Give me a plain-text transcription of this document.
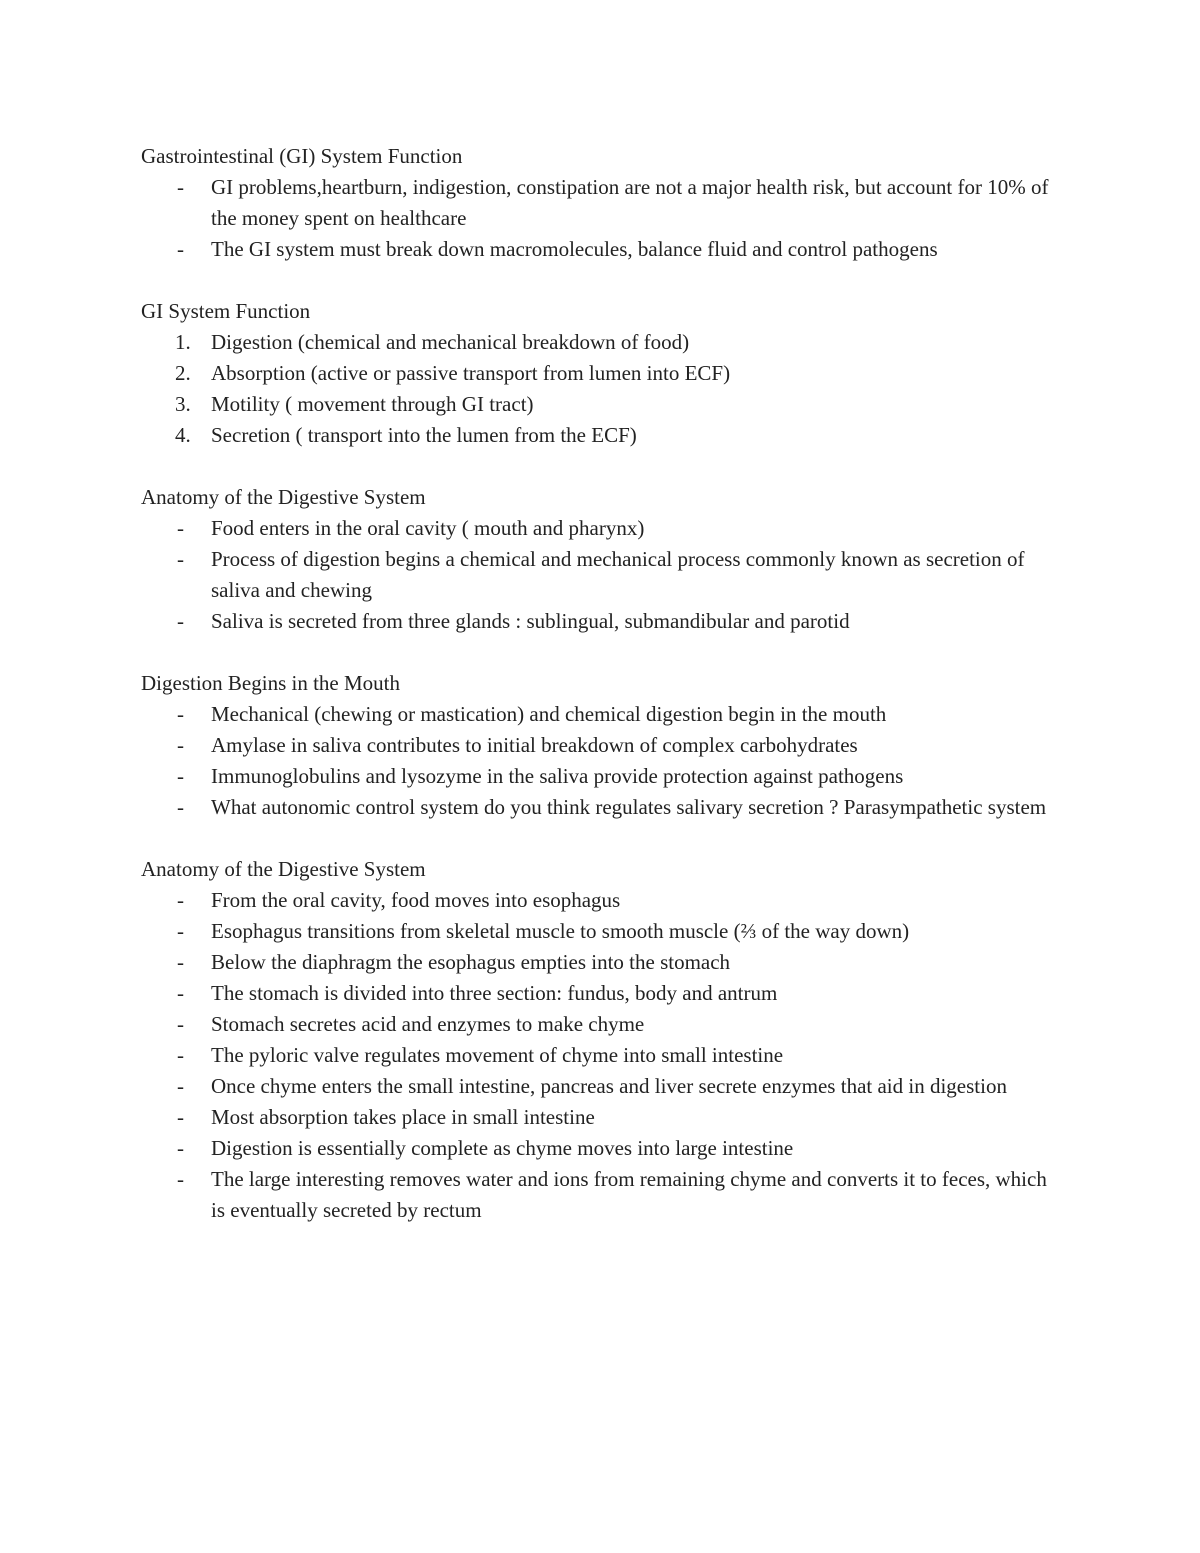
Gastrointestinal (GI) System Function
-	GI problems,heartburn, indigestion, constipation are not a major health risk, but account for 10% of the money spent on healthcare
-	The GI system must break down macromolecules, balance fluid and control pathogens
GI System Function
1. Digestion (chemical and mechanical breakdown of food)
2. Absorption (active or passive transport from lumen into ECF)
3. Motility ( movement through GI tract)
4. Secretion ( transport into the lumen from the ECF)
Anatomy of the Digestive System
-	Food enters in the oral cavity ( mouth and pharynx)
-	Process of digestion begins a chemical and mechanical process commonly known as secretion of saliva and chewing
-	Saliva is secreted from three glands : sublingual, submandibular and parotid
Digestion Begins in the Mouth
-	Mechanical (chewing or mastication) and chemical digestion begin in the mouth
-	Amylase in saliva contributes to initial breakdown of complex carbohydrates
-	Immunoglobulins and lysozyme in the saliva provide protection against pathogens
-	What autonomic control system do you think regulates salivary secretion ? Parasympathetic system
Anatomy of the Digestive System
-	From the oral cavity, food moves into esophagus
-	Esophagus transitions from skeletal muscle to smooth muscle (⅔ of the way down)
-	Below the diaphragm the esophagus empties into the stomach
-	The stomach is divided into three section: fundus, body and antrum
-	Stomach secretes acid and enzymes to make chyme
-	The pyloric valve regulates movement of chyme into small intestine
-	Once chyme enters the small intestine, pancreas and liver secrete enzymes that aid in digestion
-	Most absorption takes place in small intestine
-	Digestion is essentially complete as chyme moves into large intestine
-	The large interesting removes water and ions from remaining chyme and converts it to feces, which is eventually secreted by rectum
